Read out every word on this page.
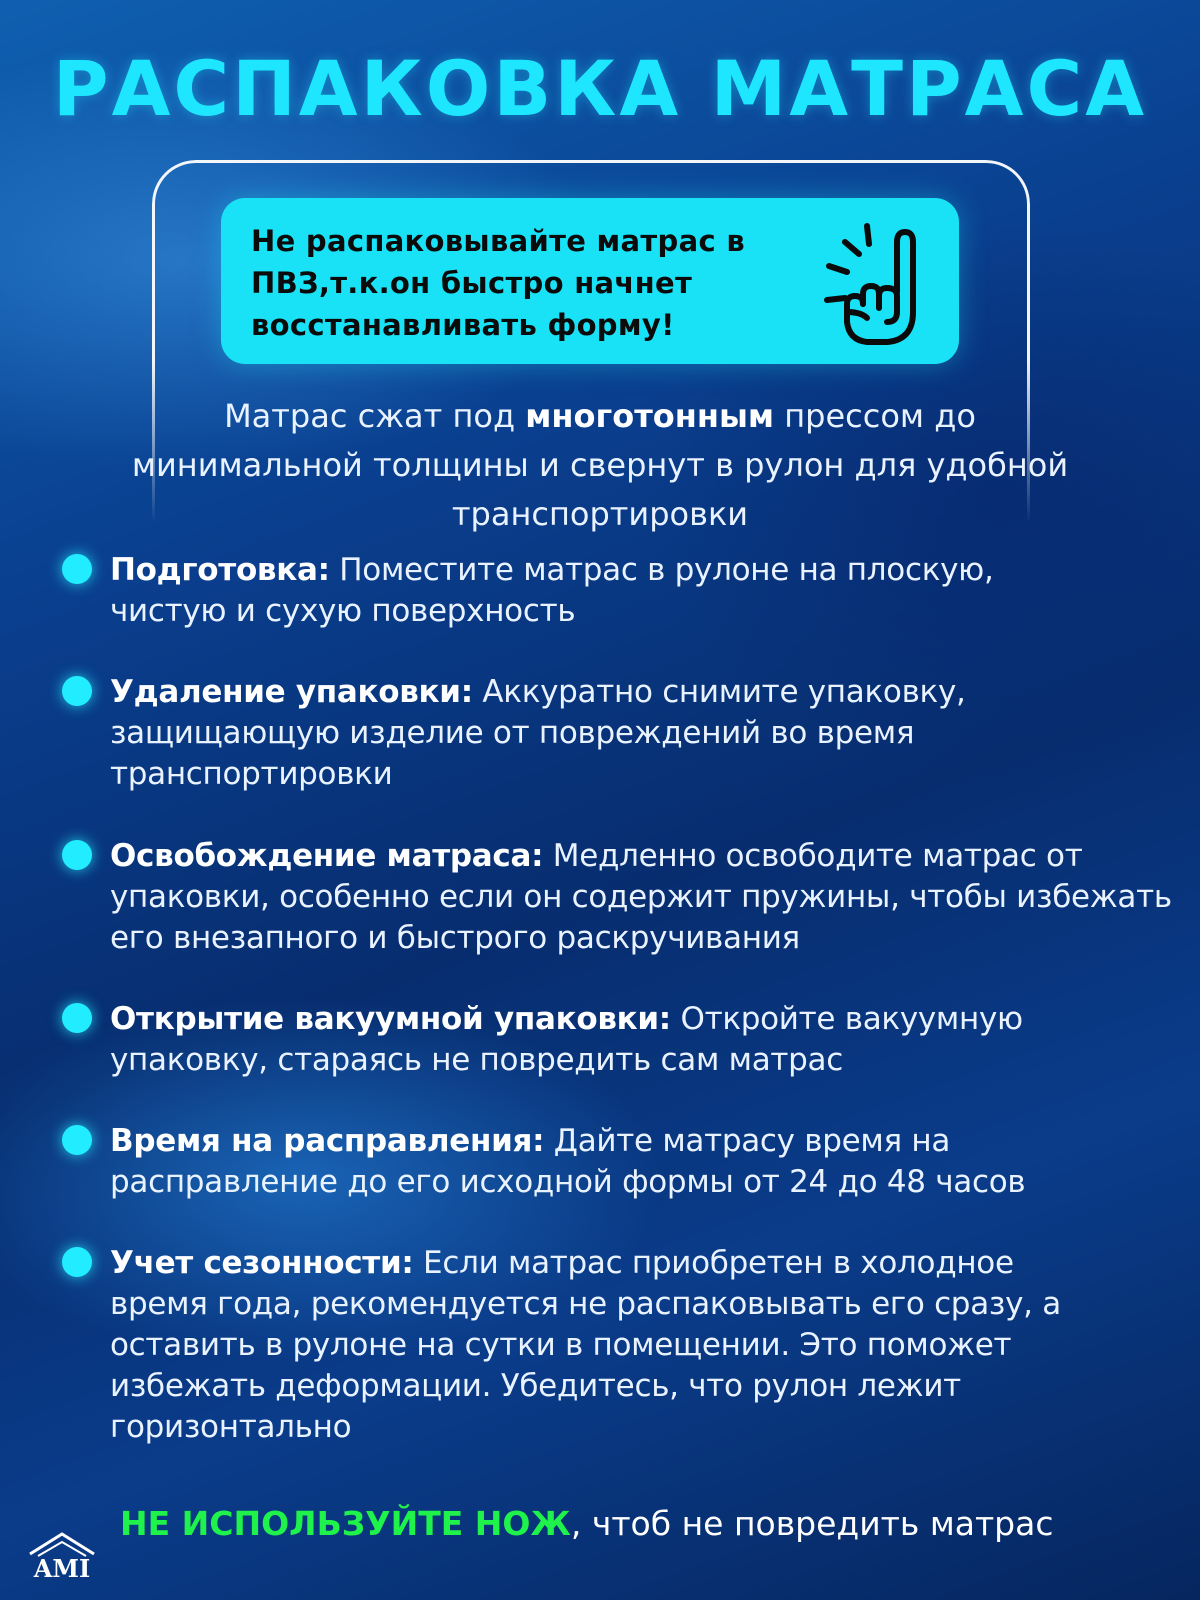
РАСПАКОВКА МАТРАСА
Не распаковывайте матрас в
ПВЗ,т.к.он быстро начнет
восстанавливать форму!
Матрас сжат под многотонным прессом до минимальной толщины и свернут в рулон для удобной транспортировки
Подготовка: Поместите матрас в рулоне на плоскую, чистую и сухую поверхность
Удаление упаковки: Аккуратно снимите упаковку, защищающую изделие от повреждений во время транспортировки
Освобождение матраса: Медленно освободите матрас от упаковки, особенно если он содержит пружины, чтобы избежать его внезапного и быстрого раскручивания
Открытие вакуумной упаковки: Откройте вакуумную упаковку, стараясь не повредить сам матрас
Время на расправления: Дайте матрасу время на расправление до его исходной формы от 24 до 48 часов
Учет сезонности: Если матрас приобретен в холодное время года, рекомендуется не распаковывать его сразу, а оставить в рулоне на сутки в помещении. Это поможет избежать деформации. Убедитесь, что рулон лежит горизонтально
НЕ ИСПОЛЬЗУЙТЕ НОЖ, чтоб не повредить матрас
AMI
